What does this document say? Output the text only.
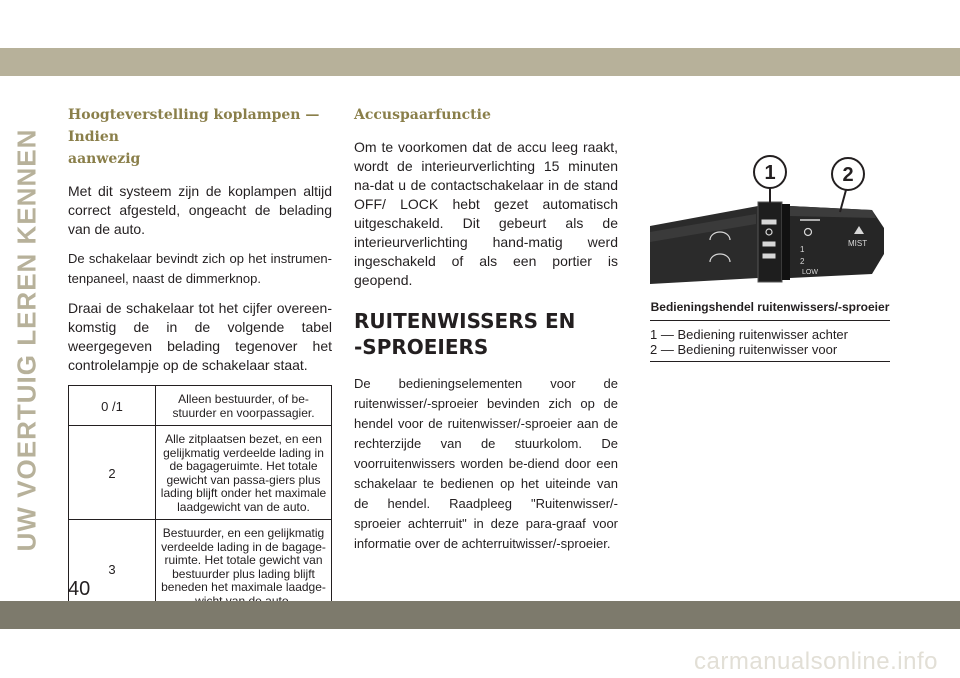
UW VOERTUIG LEREN KENNEN
Hoogteverstelling koplampen — Indien
aanwezig

Met dit systeem zijn de koplampen altijd correct afgesteld, ongeacht de belading van de auto.

De schakelaar bevindt zich op het instrumen-tenpaneel, naast de dimmerknop.

Draai de schakelaar tot het cijfer overeen-komstig de in de volgende tabel weergegeven belading tegenover het controlelampje op de schakelaar staat.

0 /1	Alleen bestuurder, of be-stuurder en voorpassagier.
2	Alle zitplaatsen bezet, en een gelijkmatig verdeelde lading in de bagageruimte. Het totale gewicht van passa-giers plus lading blijft onder het maximale laadgewicht van de auto.
3	Bestuurder, en een gelijkmatig verdeelde lading in de bagage-ruimte. Het totale gewicht van bestuurder plus lading blijft beneden het maximale laadge-
Accuspaarfunctie

Om te voorkomen dat de accu leeg raakt, wordt de interieurverlichting 15 minuten na-dat u de contactschakelaar in de stand OFF/ LOCK hebt gezet automatisch uitgeschakeld. Dit gebeurt als de interieurverlichting hand-matig werd ingeschakeld of als een portier is geopend.

RUITENWISSERS EN
-SPROEIERS

De bedieningselementen voor de ruitenwisser/-sproeier bevinden zich op de hendel voor de ruitenwisser/-sproeier aan de rechterzijde van de stuurkolom. De voorruitenwissers worden be-diend door een schakelaar te bedienen op het uiteinde van de hendel. Raadpleeg "Ruitenwisser/-sproeier achterruit" in deze para-graaf voor informatie over de achterruitwisser/-sproeier.

1	2
1
2
LOW
MIST
Bedieningshendel ruitenwissers/-sproeier
1 — Bediening ruitenwisser achter
2 — Bediening ruitenwisser voor
40
carmanualsonline.info
